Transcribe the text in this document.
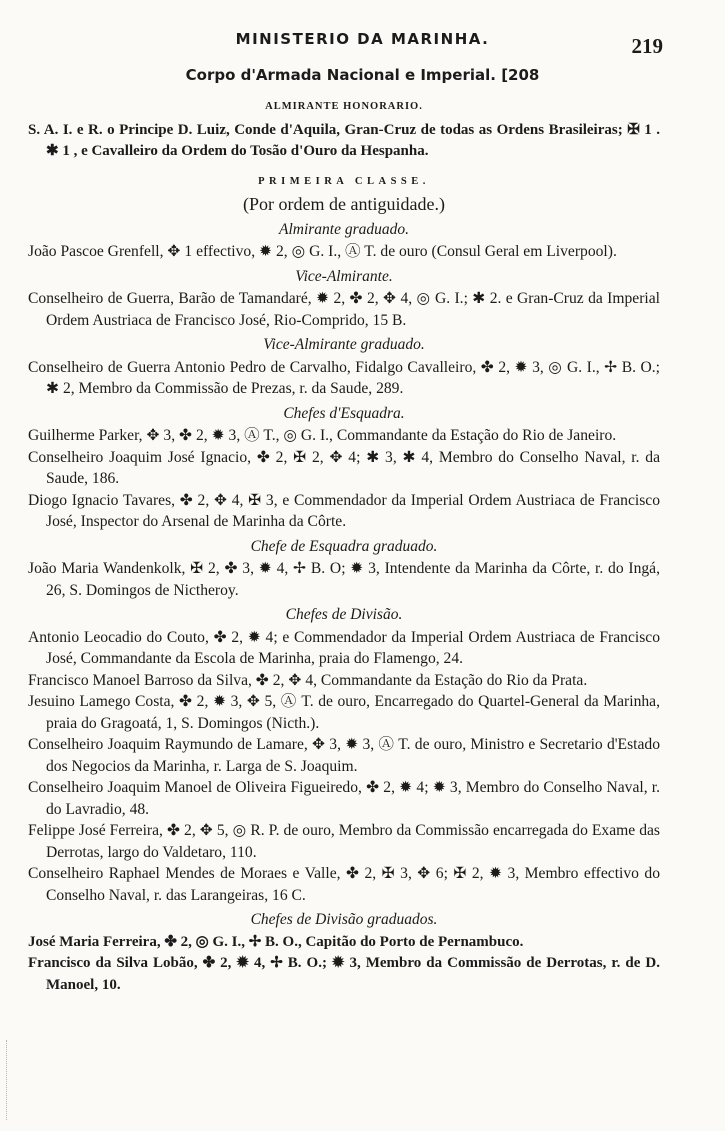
MINISTERIO DA MARINHA.	219
Corpo d'Armada Nacional e Imperial. [208
ALMIRANTE HONORARIO.

S. A. I. e R. o Principe D. Luiz, Conde d'Aquila, Gran-Cruz de todas as Ordens Brasileiras; ✠ 1 . ✱ 1 , e Cavalleiro da Ordem do Tosão d'Ouro da Hespanha.

PRIMEIRA CLASSE.
(Por ordem de antiguidade.)
Almirante graduado.

João Pascoe Grenfell, ✥ 1 effectivo, ✹ 2, ◎ G. I., Ⓐ T. de ouro (Consul Geral em Liverpool).

Vice-Almirante.

Conselheiro de Guerra, Barão de Tamandaré, ✹ 2, ✤ 2, ✥ 4, ◎ G. I.; ✱ 2. e Gran-Cruz da Imperial Ordem Austriaca de Francisco José, Rio-Comprido, 15 B.

Vice-Almirante graduado.

Conselheiro de Guerra Antonio Pedro de Carvalho, Fidalgo Cavalleiro, ✤ 2, ✹ 3, ◎ G. I., ✢ B. O.; ✱ 2, Membro da Commissão de Prezas, r. da Saude, 289.

Chefes d'Esquadra.

Guilherme Parker, ✥ 3, ✤ 2, ✹ 3, Ⓐ T., ◎ G. I., Commandante da Estação do Rio de Janeiro.

Conselheiro Joaquim José Ignacio, ✤ 2, ✠ 2, ✥ 4; ✱ 3, ✱ 4, Membro do Conselho Naval, r. da Saude, 186.

Diogo Ignacio Tavares, ✤ 2, ✥ 4, ✠ 3, e Commendador da Imperial Ordem Austriaca de Francisco José, Inspector do Arsenal de Marinha da Côrte.

Chefe de Esquadra graduado.

João Maria Wandenkolk, ✠ 2, ✤ 3, ✹ 4, ✢ B. O; ✹ 3, Intendente da Marinha da Côrte, r. do Ingá, 26, S. Domingos de Nictheroy.

Chefes de Divisão.

Antonio Leocadio do Couto, ✤ 2, ✹ 4; e Commendador da Imperial Ordem Austriaca de Francisco José, Commandante da Escola de Marinha, praia do Flamengo, 24.

Francisco Manoel Barroso da Silva, ✤ 2, ✥ 4, Commandante da Estação do Rio da Prata.

Jesuino Lamego Costa, ✤ 2, ✹ 3, ✥ 5, Ⓐ T. de ouro, Encarregado do Quartel-General da Marinha, praia do Gragoatá, 1, S. Domingos (Nicth.).

Conselheiro Joaquim Raymundo de Lamare, ✥ 3, ✹ 3, Ⓐ T. de ouro, Ministro e Secretario d'Estado dos Negocios da Marinha, r. Larga de S. Joaquim.

Conselheiro Joaquim Manoel de Oliveira Figueiredo, ✤ 2, ✹ 4; ✹ 3, Membro do Conselho Naval, r. do Lavradio, 48.

Felippe José Ferreira, ✤ 2, ✥ 5, ◎ R. P. de ouro, Membro da Commissão encarregada do Exame das Derrotas, largo do Valdetaro, 110.

Conselheiro Raphael Mendes de Moraes e Valle, ✤ 2, ✠ 3, ✥ 6; ✠ 2, ✹ 3, Membro effectivo do Conselho Naval, r. das Larangeiras, 16 C.

Chefes de Divisão graduados.

José Maria Ferreira, ✤ 2, ◎ G. I., ✢ B. O., Capitão do Porto de Pernambuco.

Francisco da Silva Lobão, ✤ 2, ✹ 4, ✢ B. O.; ✹ 3, Membro da Commissão de Derrotas, r. de D. Manoel, 10.
